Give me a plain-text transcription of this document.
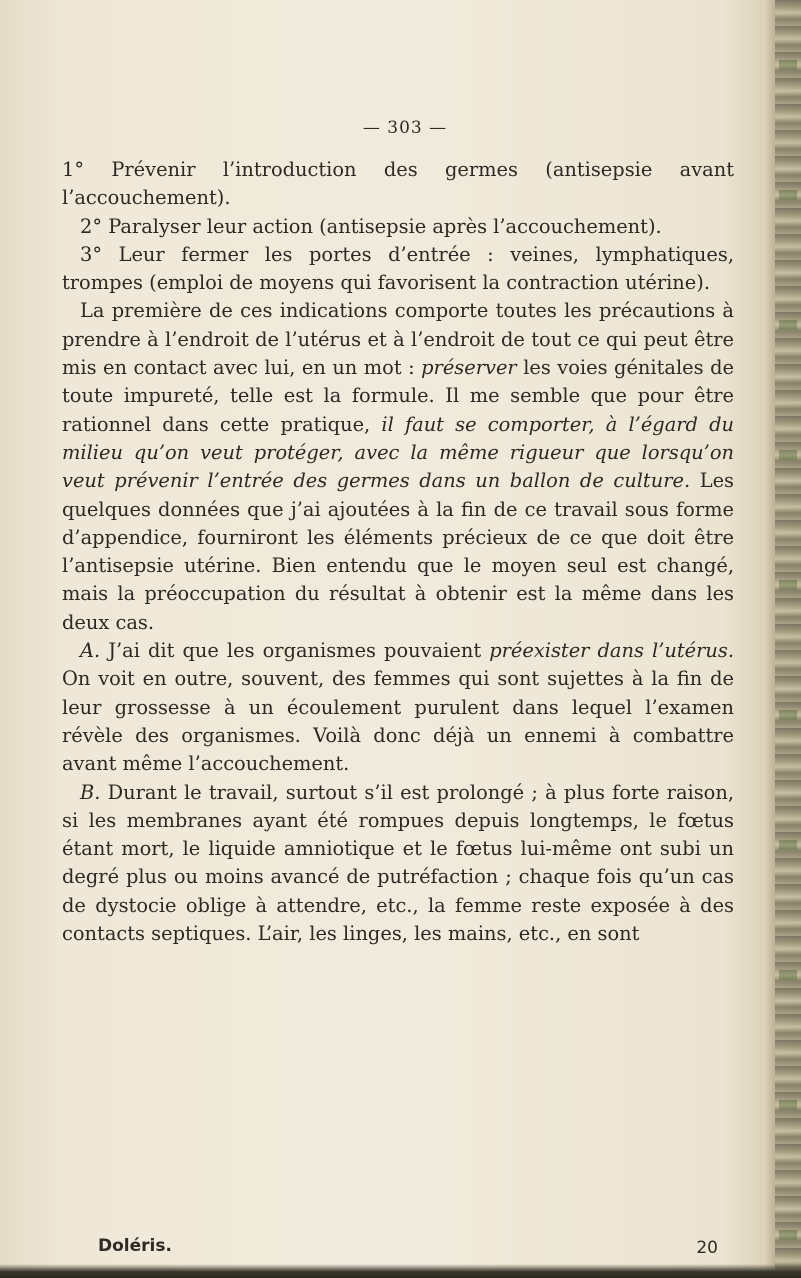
— 303 —

1° Prévenir l’introduction des germes (antisepsie avant l’accouchement).

2° Paralyser leur action (antisepsie après l’accouchement).

3° Leur fermer les portes d’entrée : veines, lymphatiques, trompes (emploi de moyens qui favorisent la contraction utérine).

La première de ces indications comporte toutes les précautions à prendre à l’endroit de l’utérus et à l’endroit de tout ce qui peut être mis en contact avec lui, en un mot : préserver les voies génitales de toute impureté, telle est la formule. Il me semble que pour être rationnel dans cette pratique, il faut se comporter, à l’égard du milieu qu’on veut protéger, avec la même rigueur que lorsqu’on veut prévenir l’entrée des germes dans un ballon de culture. Les quelques données que j’ai ajoutées à la fin de ce travail sous forme d’appendice, fourniront les éléments précieux de ce que doit être l’antisepsie utérine. Bien entendu que le moyen seul est changé, mais la préoccupation du résultat à obtenir est la même dans les deux cas.

A. J’ai dit que les organismes pouvaient préexister dans l’utérus. On voit en outre, souvent, des femmes qui sont sujettes à la fin de leur grossesse à un écoulement purulent dans lequel l’examen révèle des organismes. Voilà donc déjà un ennemi à combattre avant même l’accouchement.

B. Durant le travail, surtout s’il est prolongé ; à plus forte raison, si les membranes ayant été rompues depuis longtemps, le fœtus étant mort, le liquide amniotique et le fœtus lui-même ont subi un degré plus ou moins avancé de putréfaction ; chaque fois qu’un cas de dystocie oblige à attendre, etc., la femme reste exposée à des contacts septiques. L’air, les linges, les mains, etc., en sont

Doléris.	20
